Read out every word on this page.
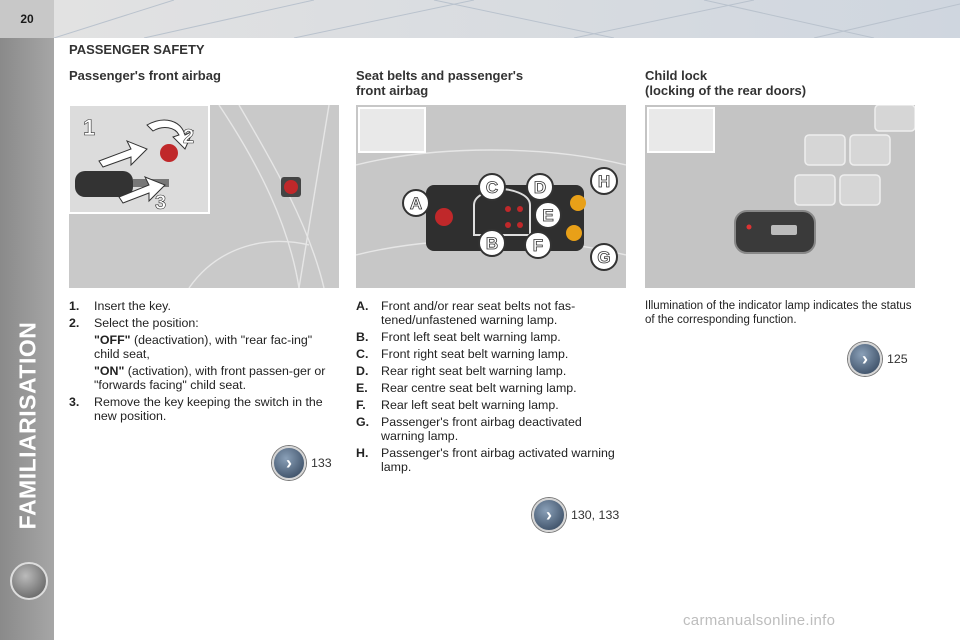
20
FAMILIARISATION
PASSENGER SAFETY
Passenger's front airbag
1	2
3
1. Insert the key.
2. Select the position:
"OFF" (deactivation), with "rear fac-ing" child seat,
"ON" (activation), with front passen-ger or "forwards facing" child seat.
3. Remove the key keeping the switch in the new position.
›	133
Seat belts and passenger's
front airbag
A
B
C D
E
F
G
H
A. Front and/or rear seat belts not fas-tened/unfastened warning lamp.
B. Front left seat belt warning lamp.
C. Front right seat belt warning lamp.
D. Rear right seat belt warning lamp.
E. Rear centre seat belt warning lamp.
F. Rear left seat belt warning lamp.
G. Passenger's front airbag deactivated warning lamp.
H. Passenger's front airbag activated warning lamp.
›	130, 133
Child lock
(locking of the rear doors)
Illumination of the indicator lamp indicates the status of the corresponding function.
›	125
carmanualsonline.info
